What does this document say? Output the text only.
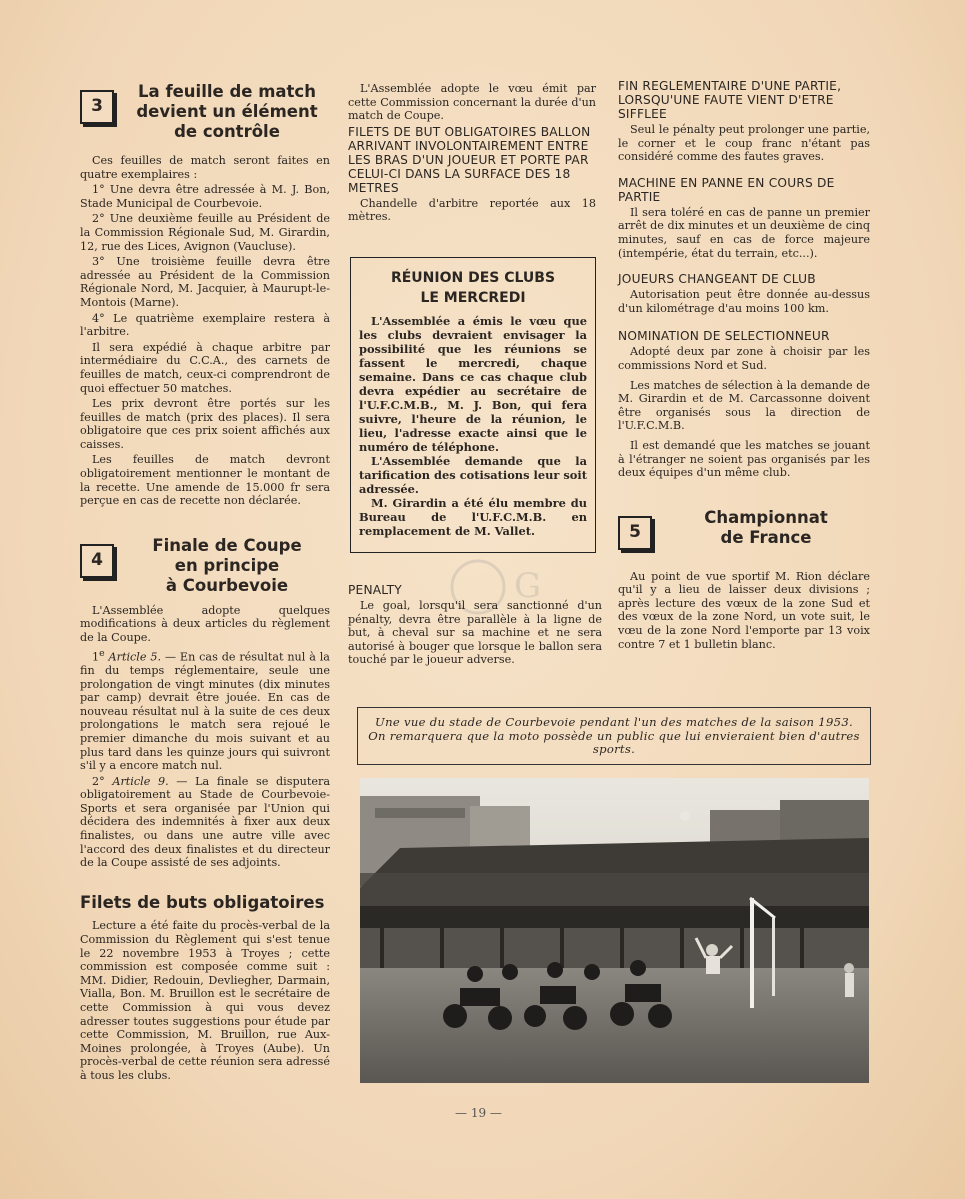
3
La feuille de match
devient un élément
de contrôle

Ces feuilles de match seront faites en quatre exemplaires :

1° Une devra être adressée à M. J. Bon, Stade Municipal de Courbevoie.

2° Une deuxième feuille au Président de la Commission Régionale Sud, M. Girardin, 12, rue des Lices, Avignon (Vaucluse).

3° Une troisième feuille devra être adressée au Président de la Commission Régionale Nord, M. Jacquier, à Maurupt-le-Montois (Marne).

4° Le quatrième exemplaire restera à l'arbitre.

Il sera expédié à chaque arbitre par intermédiaire du C.C.A., des carnets de feuilles de match, ceux-ci comprendront de quoi effectuer 50 matches.

Les prix devront être portés sur les feuilles de match (prix des places). Il sera obligatoire que ces prix soient affichés aux caisses.

Les feuilles de match devront obligatoirement mentionner le montant de la recette. Une amende de 15.000 fr sera perçue en cas de recette non déclarée.

4
Finale de Coupe
en principe
à Courbevoie

L'Assemblée adopte quelques modifications à deux articles du règlement de la Coupe.

1e Article 5. — En cas de résultat nul à la fin du temps réglementaire, seule une prolongation de vingt minutes (dix minutes par camp) devrait être jouée. En cas de nouveau résultat nul à la suite de ces deux prolongations le match sera rejoué le premier dimanche du mois suivant et au plus tard dans les quinze jours qui suivront s'il y a encore match nul.

2° Article 9. — La finale se disputera obligatoirement au Stade de Courbevoie-Sports et sera organisée par l'Union qui décidera des indemnités à fixer aux deux finalistes, ou dans une autre ville avec l'accord des deux finalistes et du directeur de la Coupe assisté de ses adjoints.

Filets de buts obligatoires

Lecture a été faite du procès-verbal de la Commission du Règlement qui s'est tenue le 22 novembre 1953 à Troyes ; cette commission est composée comme suit : MM. Didier, Redouin, Devliegher, Darmain, Vialla, Bon. M. Bruillon est le secrétaire de cette Commission à qui vous devez adresser toutes suggestions pour étude par cette Commission, M. Bruillon, rue Aux-Moines prolongée, à Troyes (Aube). Un procès-verbal de cette réunion sera adressé à tous les clubs.

L'Assemblée adopte le vœu émit par cette Commission concernant la durée d'un match de Coupe.

FILETS DE BUT OBLIGATOIRES BALLON ARRIVANT INVOLONTAIREMENT ENTRE LES BRAS D'UN JOUEUR ET PORTE PAR CELUI-CI DANS LA SURFACE DES 18 METRES

Chandelle d'arbitre reportée aux 18 mètres.

RÉUNION DES CLUBS
LE MERCREDI

L'Assemblée a émis le vœu que les clubs devraient envisager la possibilité que les réunions se fassent le mercredi, chaque semaine. Dans ce cas chaque club devra expédier au secrétaire de l'U.F.C.M.B., M. J. Bon, qui fera suivre, l'heure de la réunion, le lieu, l'adresse exacte ainsi que le numéro de téléphone.

L'Assemblée demande que la tarification des cotisations leur soit adressée.

M. Girardin a été élu membre du Bureau de l'U.F.C.M.B. en remplacement de M. Vallet.

G
PENALTY

Le goal, lorsqu'il sera sanctionné d'un pénalty, devra être parallèle à la ligne de but, à cheval sur sa machine et ne sera autorisé à bouger que lorsque le ballon sera touché par le joueur adverse.

FIN REGLEMENTAIRE D'UNE PARTIE, LORSQU'UNE FAUTE VIENT D'ETRE SIFFLEE

Seul le pénalty peut prolonger une partie, le corner et le coup franc n'étant pas considéré comme des fautes graves.

MACHINE EN PANNE EN COURS DE PARTIE

Il sera toléré en cas de panne un premier arrêt de dix minutes et un deuxième de cinq minutes, sauf en cas de force majeure (intempérie, état du terrain, etc...).

JOUEURS CHANGEANT DE CLUB

Autorisation peut être donnée au-dessus d'un kilométrage d'au moins 100 km.

NOMINATION DE SELECTIONNEUR

Adopté deux par zone à choisir par les commissions Nord et Sud.

Les matches de sélection à la demande de M. Girardin et de M. Carcassonne doivent être organisés sous la direction de l'U.F.C.M.B.

Il est demandé que les matches se jouant à l'étranger ne soient pas organisés par les deux équipes d'un même club.

5
Championnat
de France

Au point de vue sportif M. Rion déclare qu'il y a lieu de laisser deux divisions ; après lecture des vœux de la zone Sud et des vœux de la zone Nord, un vote suit, le vœu de la zone Nord l'emporte par 13 voix contre 7 et 1 bulletin blanc.

Une vue du stade de Courbevoie pendant l'un des matches de la saison 1953. On remarquera que la moto possède un public que lui envieraient bien d'autres sports.
— 19 —
